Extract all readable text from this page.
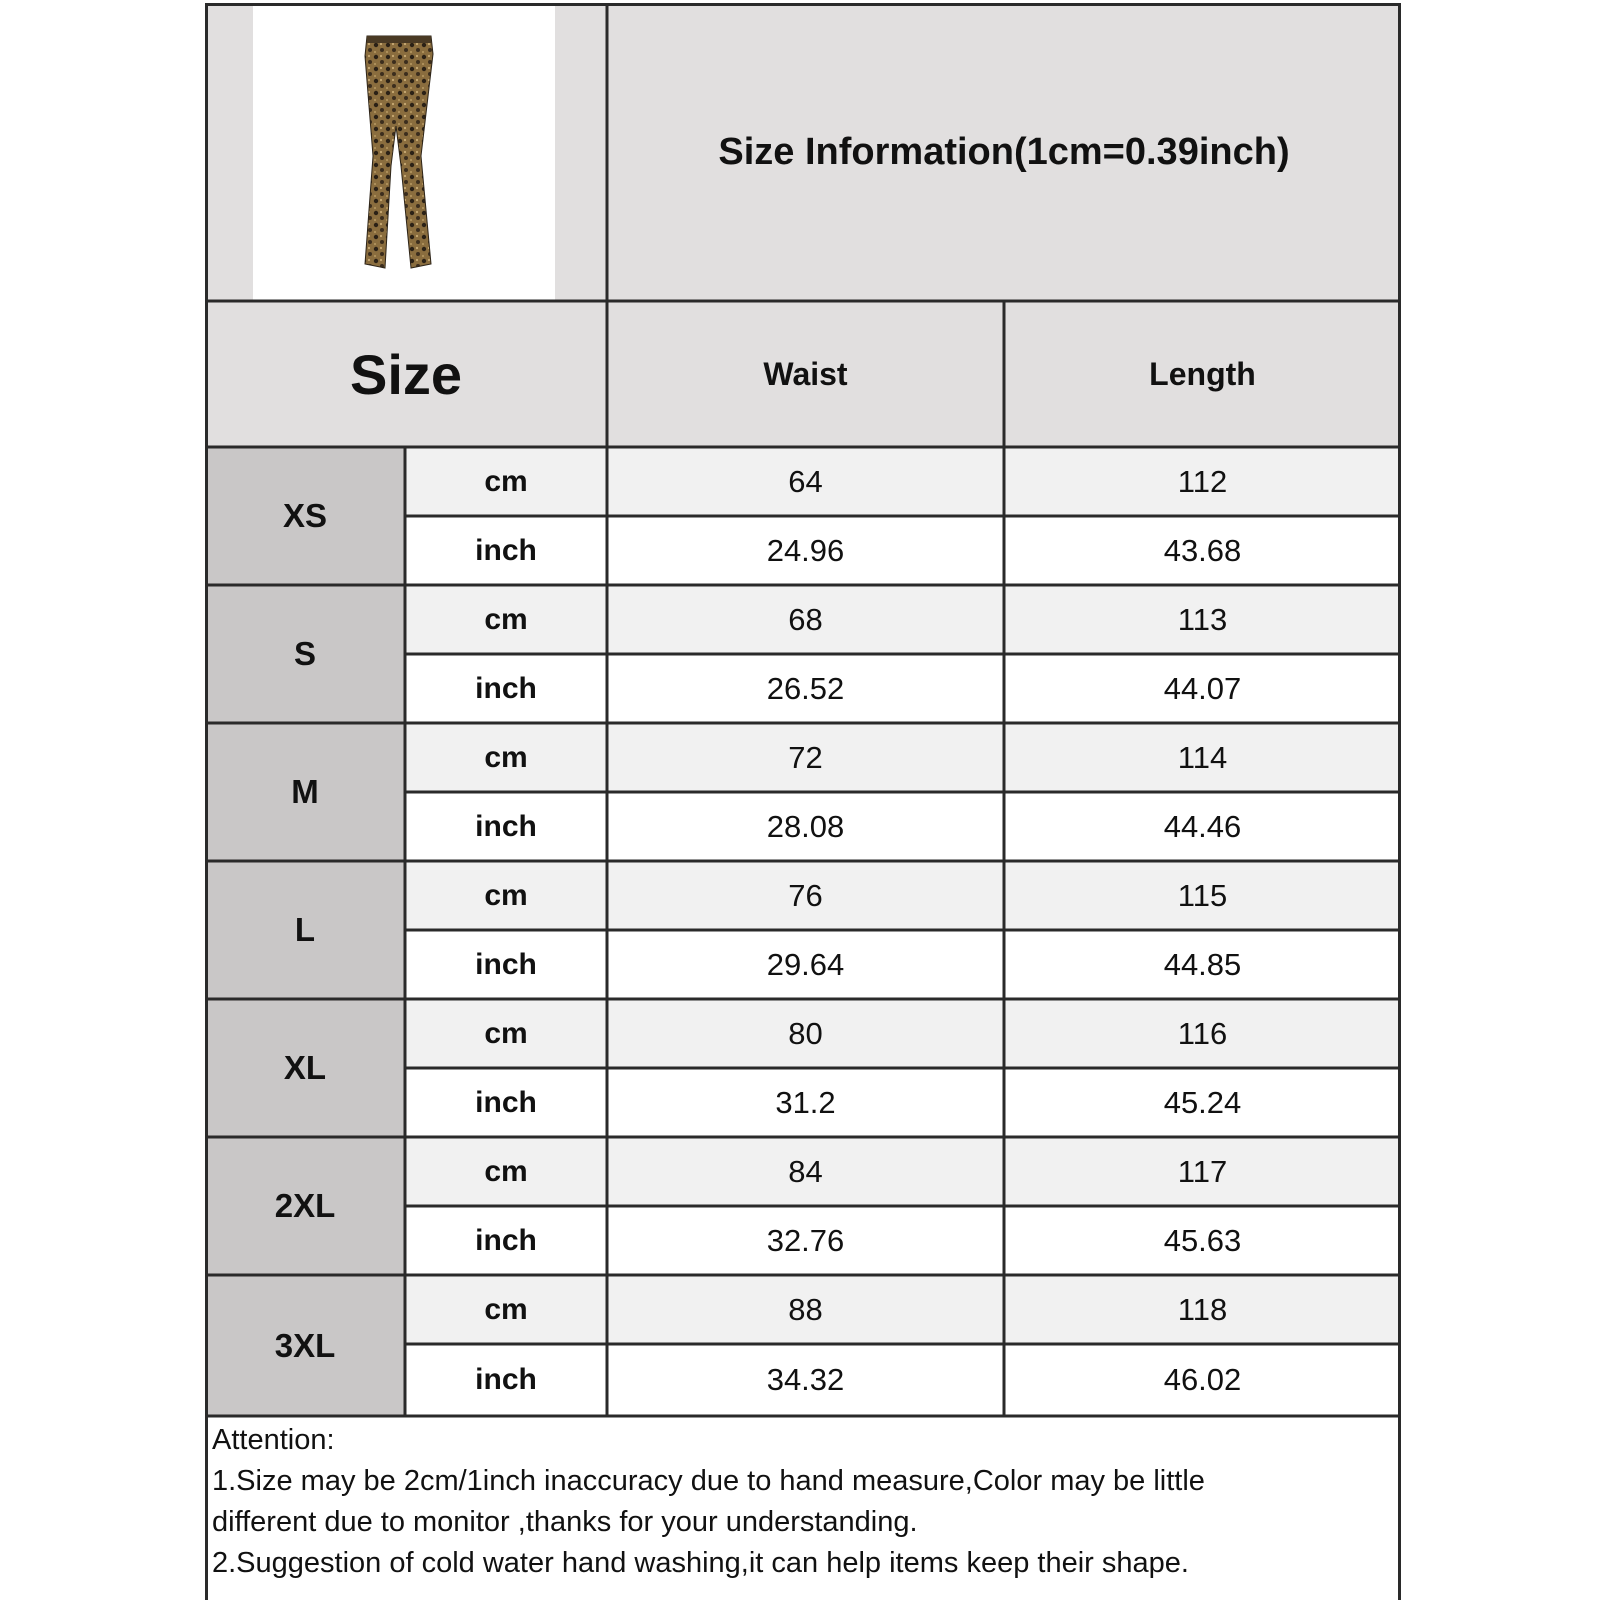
Size Information(1cm=0.39inch)
Size	Waist	Length
XS
cm	64	112
inch	24.96	43.68
S
cm	68	113
inch	26.52	44.07
M
cm	72	114
inch	28.08	44.46
L
cm	76	115
inch	29.64	44.85
XL
cm	80	116
inch	31.2	45.24
2XL
cm	84	117
inch	32.76	45.63
3XL
cm	88	118
inch	34.32	46.02
Attention:
1.Size may be 2cm/1inch inaccuracy due to hand measure,Color may be little
different due to monitor ,thanks for your understanding.
2.Suggestion of cold water hand washing,it can help items keep their shape.
